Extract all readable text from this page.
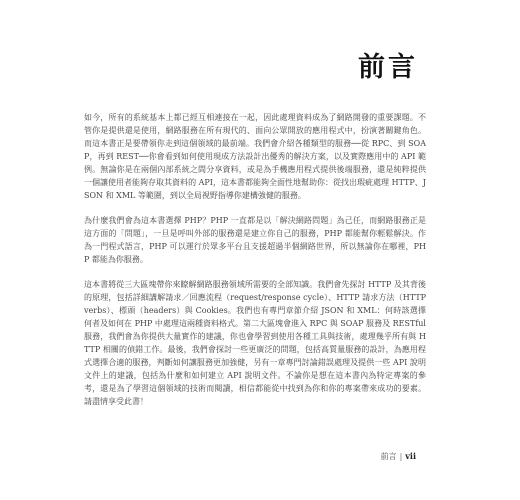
前言

如今，所有的系統基本上都已經互相連接在一起，因此處理資料成為了網路開發的重要課題。不管你是提供還是使用，網路服務在所有現代的、面向公眾開放的應用程式中，扮演著關鍵角色。而這本書正是要帶領你走到這個領域的最前端。我們會介紹各種類型的服務──從 RPC、到 SOAP，再到 REST──你會看到如何使用現成方法設計出優秀的解決方案，以及實際應用中的 API 範例。無論你是在兩個內部系統之間分享資料，或是為手機應用程式提供後端服務，還是純粹提供一個讓使用者能夠存取其資料的 API，這本書都能夠全面性地幫助你：從找出瑕疵處理 HTTP、JSON 和 XML 等範圍，到以全局視野指導你建構強健的服務。

為什麼我們會為這本書選擇 PHP？PHP 一直都是以「解決網路問題」為己任，而網路服務正是這方面的「問題」，一旦是呼叫外部的服務還是建立你自己的服務，PHP 都能幫你輕鬆解決。作為一門程式語言，PHP 可以運行於眾多平台且支援超過半個網路世界，所以無論你在哪裡，PHP 都能為你服務。

這本書將從三大區塊帶你來瞭解網路服務領域所需要的全部知識。我們會先探討 HTTP 及其背後的原理，包括詳細講解請求／回應流程（request/response cycle）、HTTP 請求方法（HTTP verbs）、標頭（headers）與 Cookies。我們也有專門章節介紹 JSON 和 XML：何時該選擇何者及如何在 PHP 中處理這兩種資料格式。第二大區塊會進入 RPC 與 SOAP 服務及 RESTful 服務，我們會為你提供大量實作的建議，你也會學習到使用各種工具與技術，處理幾乎所有與 HTTP 相關的偵錯工作。最後，我們會探討一些更廣泛的問題，包括高質量服務的設計，為應用程式選擇合適的服務，判斷如何讓服務更加強健，另有一章專門討論錯誤處理及提供一些 API 說明文件上的建議，包括為什麼和如何建立 API 說明文件。不論你是想在這本書內為特定專案的參考，還是為了學習這個領域的技術而閱讀，相信都能從中找到為你和你的專案帶來成功的要素。請盡情享受此書！

前言 | vii
